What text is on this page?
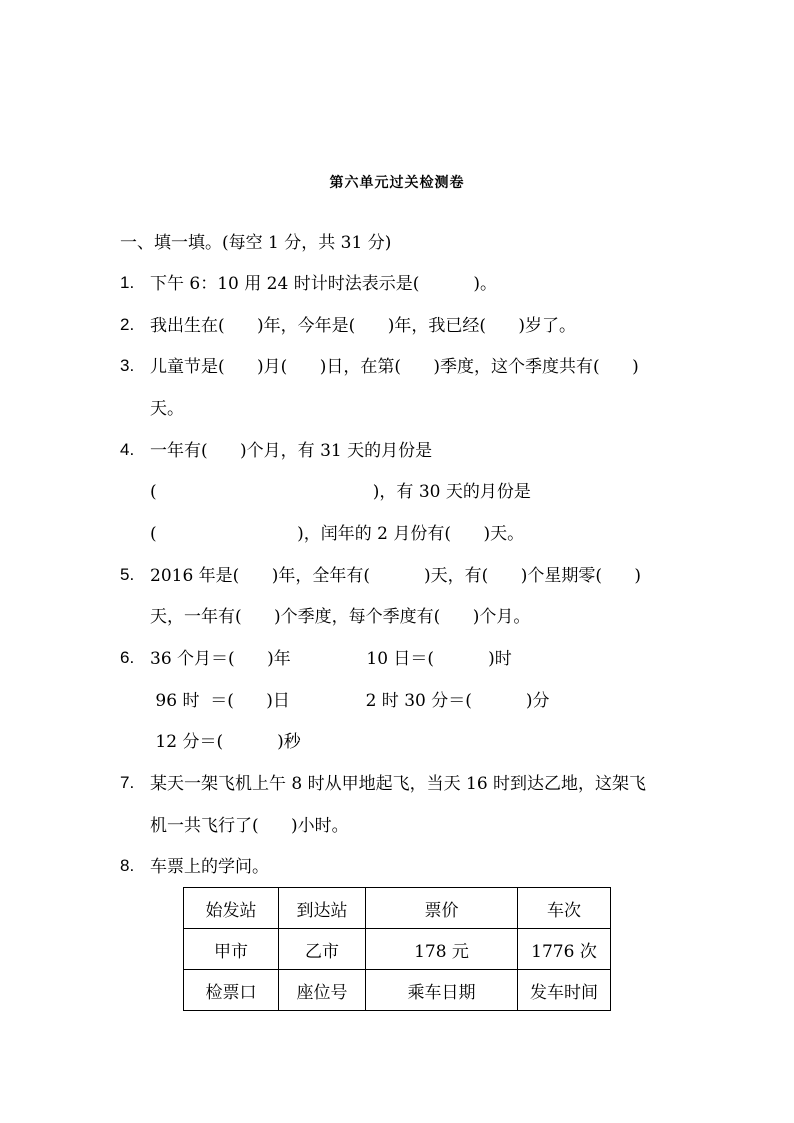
第六单元过关检测卷
一、填一填。(每空 1 分，共 31 分)
1. 下午 6：10 用 24 时计时法表示是(          )。
2. 我出生在(      )年，今年是(      )年，我已经(      )岁了。
3. 儿童节是(      )月(      )日，在第(      )季度，这个季度共有(      )
天。
4. 一年有(      )个月，有 31 天的月份是
(                                        )，有 30 天的月份是
(                          )，闰年的 2 月份有(      )天。
5. 2016 年是(      )年，全年有(          )天，有(      )个星期零(      )
天，一年有(      )个季度，每个季度有(      )个月。
6. 36 个月＝(      )年              10 日＝(          )时
96 时  ＝(      )日              2 时 30 分＝(          )分
12 分＝(          )秒
7. 某天一架飞机上午 8 时从甲地起飞，当天 16 时到达乙地，这架飞
机一共飞行了(      )小时。
8. 车票上的学问。
始发站	到达站	票价	车次
甲市	乙市	178 元	1776 次
检票口	座位号	乘车日期	发车时间
